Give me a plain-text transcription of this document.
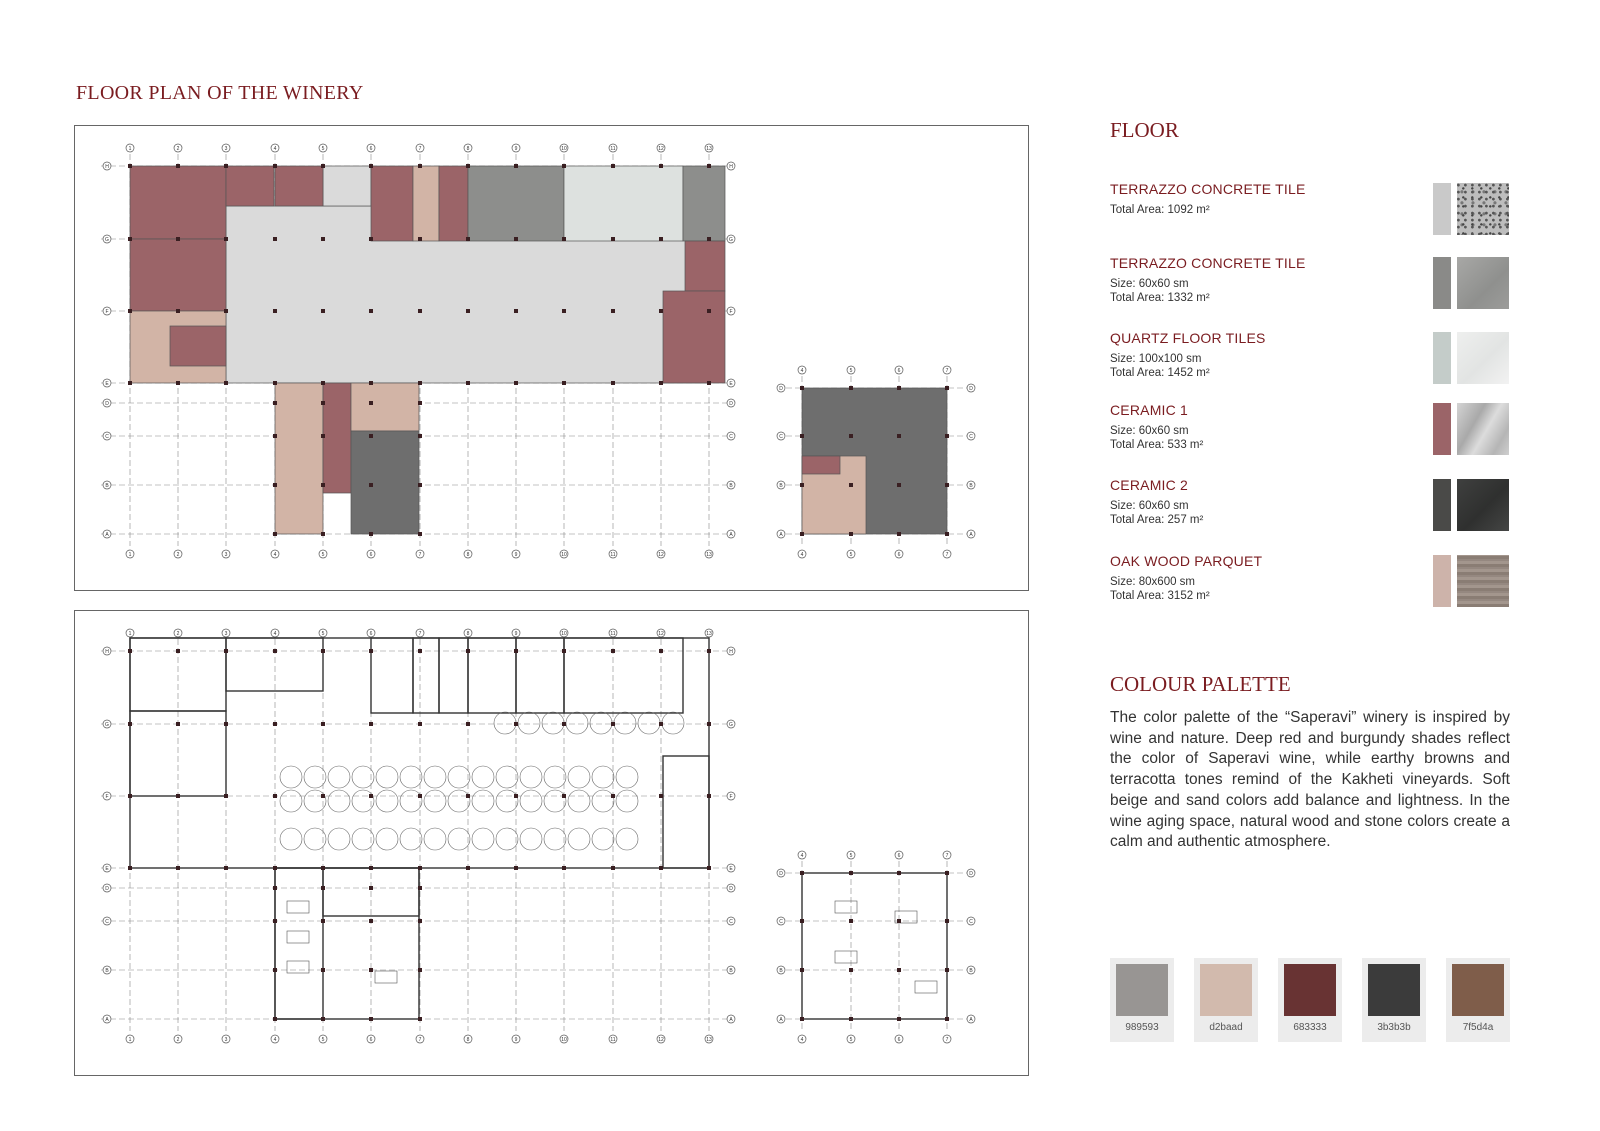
FLOOR PLAN OF THE WINERY
1
1
2
2
3
3
4
4
5
5
6
6
7
7
8
8
9
9
10
10
11
11
12
12
13
13
H	H
G	G
F	F
E	E
D	D
C	C
B	B
A	A
4
4
5
5
6
6
7
7
D	D
C	C
B	B
A	A
1
1
2
2
3
3
4
4
5
5
6
6
7
7
8
8
9
9
10
10
11
11
12
12
13
13
H	H
G	G
F	F
E	E
D	D
C	C
B	B
A	A
4
4
5
5
6
6
7
7
D	D
C	C
B	B
A	A
FLOOR

TERRAZZO CONCRETE TILE

Total Area: 1092 m²

TERRAZZO CONCRETE TILE

Size: 60x60 sm
Total Area: 1332 m²

QUARTZ FLOOR TILES

Size: 100x100 sm
Total Area: 1452 m²

CERAMIC 1

Size: 60x60 sm
Total Area: 533 m²

CERAMIC 2

Size: 60x60 sm
Total Area: 257 m²

OAK WOOD PARQUET

Size: 80x600 sm
Total Area: 3152 m²
COLOUR PALETTE

The color palette of the “Saperavi” winery is inspired by wine and nature. Deep red and burgundy shades reflect the color of Saperavi wine, while earthy browns and terracotta tones remind of the Kakheti vineyards. Soft beige and sand colors add balance and lightness. In the wine aging space, natural wood and stone colors create a calm and authentic atmosphere.

989593	d2baad	683333	3b3b3b	7f5d4a
